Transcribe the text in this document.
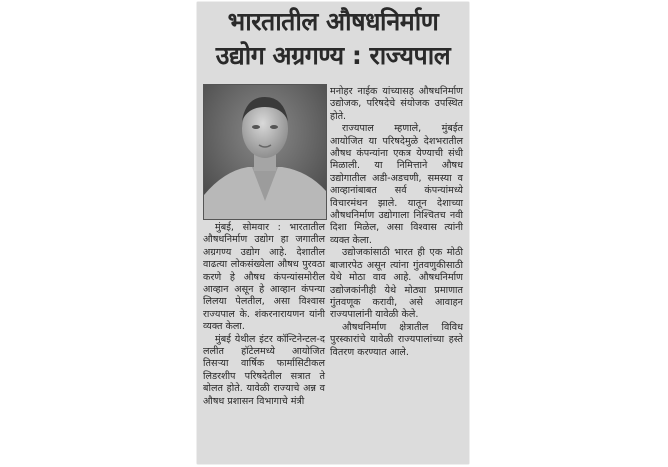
भारतातील औषधनिर्माण
उद्योग अग्रगण्य : राज्यपाल

मुंबई, सोमवार : भारतातील औषधनिर्माण उद्योग हा जगातील अग्रगण्य उद्योग आहे. देशातील वाढत्या लोकसंख्येला औषध पुरवठा करणे हे औषध कंपन्यांसमोरील आव्हान असून हे आव्हान कंपन्या लिलया पेलतील, असा विश्वास राज्यपाल के. शंकरनारायणन यांनी व्यक्त केला.

मुंबई येथील इंटर कॉन्टिनेन्टल-द ललीत हॉटेलमध्ये आयोजित तिसऱ्या वार्षिक फार्मासिटीकल लिडरशीप परिषदेतील सत्रात ते बोलत होते. यावेळी राज्याचे अन्न व औषध प्रशासन विभागाचे मंत्री

मनोहर नाईक यांच्यासह औषधनिर्माण उद्योजक, परिषदेचे संयोजक उपस्थित होते.

राज्यपाल म्हणाले, मुंबईत आयोजित या परिषदेमुळे देशभरातील औषध कंपन्यांना एकत्र येण्याची संधी मिळाली. या निमित्ताने औषध उद्योगातील अडी-अडचणी, समस्या व आव्हानांबाबत सर्व कंपन्यांमध्ये विचारमंथन झाले. यातून देशाच्या औषधनिर्माण उद्योगाला निश्चितच नवी दिशा मिळेल, असा विश्वास त्यांनी व्यक्त केला.

उद्योजकांसाठी भारत ही एक मोठी बाजारपेठ असून त्यांना गुंतवणुकीसाठी येथे मोठा वाव आहे. औषधनिर्माण उद्योजकांनीही येथे मोठ्या प्रमाणात गुंतवणूक करावी, असे आवाहन राज्यपालांनी यावेळी केले.

औषधनिर्माण क्षेत्रातील विविध पुरस्कारांचे यावेळी राज्यपालांच्या हस्ते वितरण करण्यात आले.
